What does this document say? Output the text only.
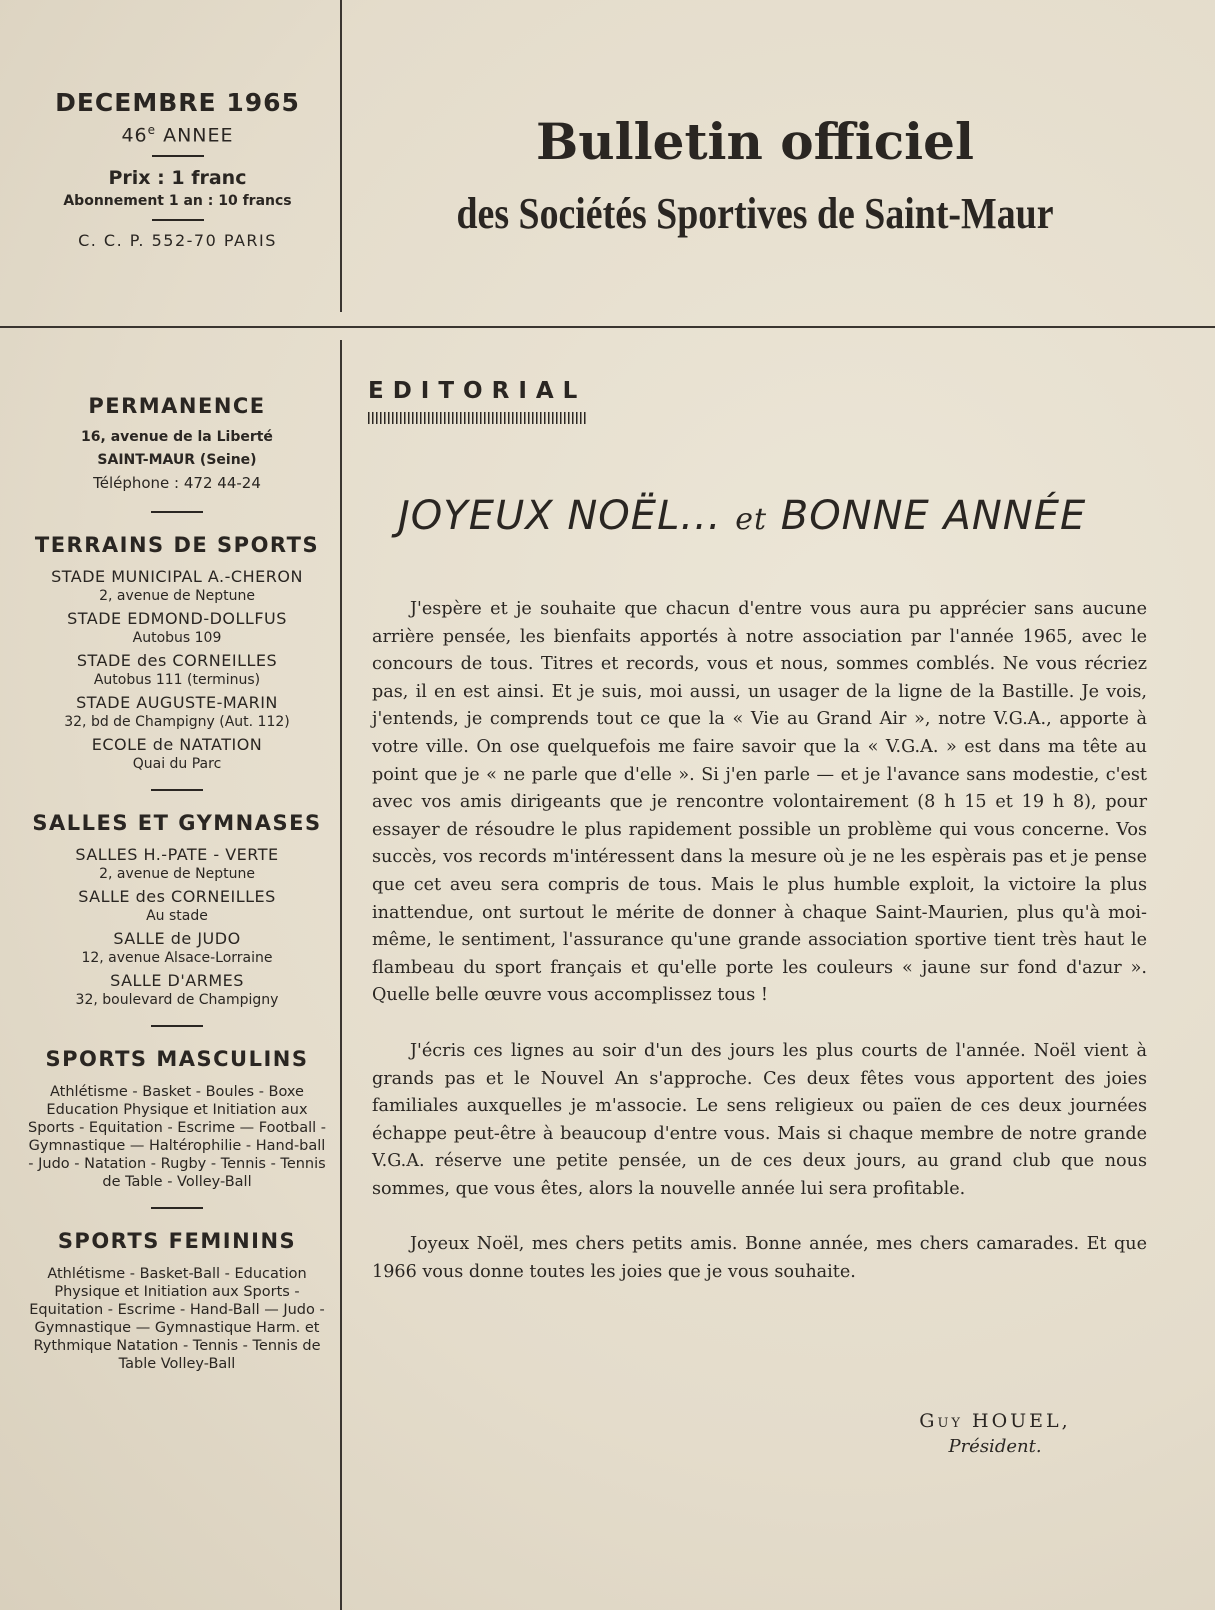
DECEMBRE 1965
46e ANNEE
Prix : 1 franc
Abonnement 1 an : 10 francs
C. C. P. 552-70 PARIS
Bulletin officiel
des Sociétés Sportives de Saint-Maur
PERMANENCE
16, avenue de la Liberté
SAINT-MAUR (Seine)
Téléphone : 472 44-24
TERRAINS DE SPORTS
STADE MUNICIPAL A.-CHERON
2, avenue de Neptune
STADE EDMOND-DOLLFUS
Autobus 109
STADE des CORNEILLES
Autobus 111 (terminus)
STADE AUGUSTE-MARIN
32, bd de Champigny (Aut. 112)
ECOLE de NATATION
Quai du Parc
SALLES ET GYMNASES
SALLES H.-PATE - VERTE
2, avenue de Neptune
SALLE des CORNEILLES
Au stade
SALLE de JUDO
12, avenue Alsace-Lorraine
SALLE D'ARMES
32, boulevard de Champigny
SPORTS MASCULINS
Athlétisme - Basket - Boules - Boxe Education Physique et Initiation aux Sports - Equitation - Escrime — Football - Gymnastique — Haltérophilie - Hand-ball - Judo - Natation - Rugby - Tennis - Tennis de Table - Volley-Ball
SPORTS FEMININS
Athlétisme - Basket-Ball - Education Physique et Initiation aux Sports - Equitation - Escrime - Hand-Ball — Judo - Gymnastique — Gymnastique Harm. et Rythmique Natation - Tennis - Tennis de Table Volley-Ball
EDITORIAL
JOYEUX NOËL... et BONNE ANNÉE

J'espère et je souhaite que chacun d'entre vous aura pu apprécier sans aucune arrière pensée, les bienfaits apportés à notre association par l'année 1965, avec le concours de tous. Titres et records, vous et nous, sommes comblés. Ne vous récriez pas, il en est ainsi. Et je suis, moi aussi, un usager de la ligne de la Bastille. Je vois, j'entends, je comprends tout ce que la « Vie au Grand Air », notre V.G.A., apporte à votre ville. On ose quelquefois me faire savoir que la « V.G.A. » est dans ma tête au point que je « ne parle que d'elle ». Si j'en parle — et je l'avance sans modestie, c'est avec vos amis dirigeants que je rencontre volontairement (8 h 15 et 19 h 8), pour essayer de résoudre le plus rapidement possible un problème qui vous concerne. Vos succès, vos records m'intéressent dans la mesure où je ne les espèrais pas et je pense que cet aveu sera compris de tous. Mais le plus humble exploit, la victoire la plus inattendue, ont surtout le mérite de donner à chaque Saint-Maurien, plus qu'à moi-même, le sentiment, l'assurance qu'une grande association sportive tient très haut le flambeau du sport français et qu'elle porte les couleurs « jaune sur fond d'azur ». Quelle belle œuvre vous accomplissez tous !

J'écris ces lignes au soir d'un des jours les plus courts de l'année. Noël vient à grands pas et le Nouvel An s'approche. Ces deux fêtes vous apportent des joies familiales auxquelles je m'associe. Le sens religieux ou païen de ces deux journées échappe peut-être à beaucoup d'entre vous. Mais si chaque membre de notre grande V.G.A. réserve une petite pensée, un de ces deux jours, au grand club que nous sommes, que vous êtes, alors la nouvelle année lui sera profitable.

Joyeux Noël, mes chers petits amis. Bonne année, mes chers camarades. Et que 1966 vous donne toutes les joies que je vous souhaite.

Guy HOUEL,
Président.
